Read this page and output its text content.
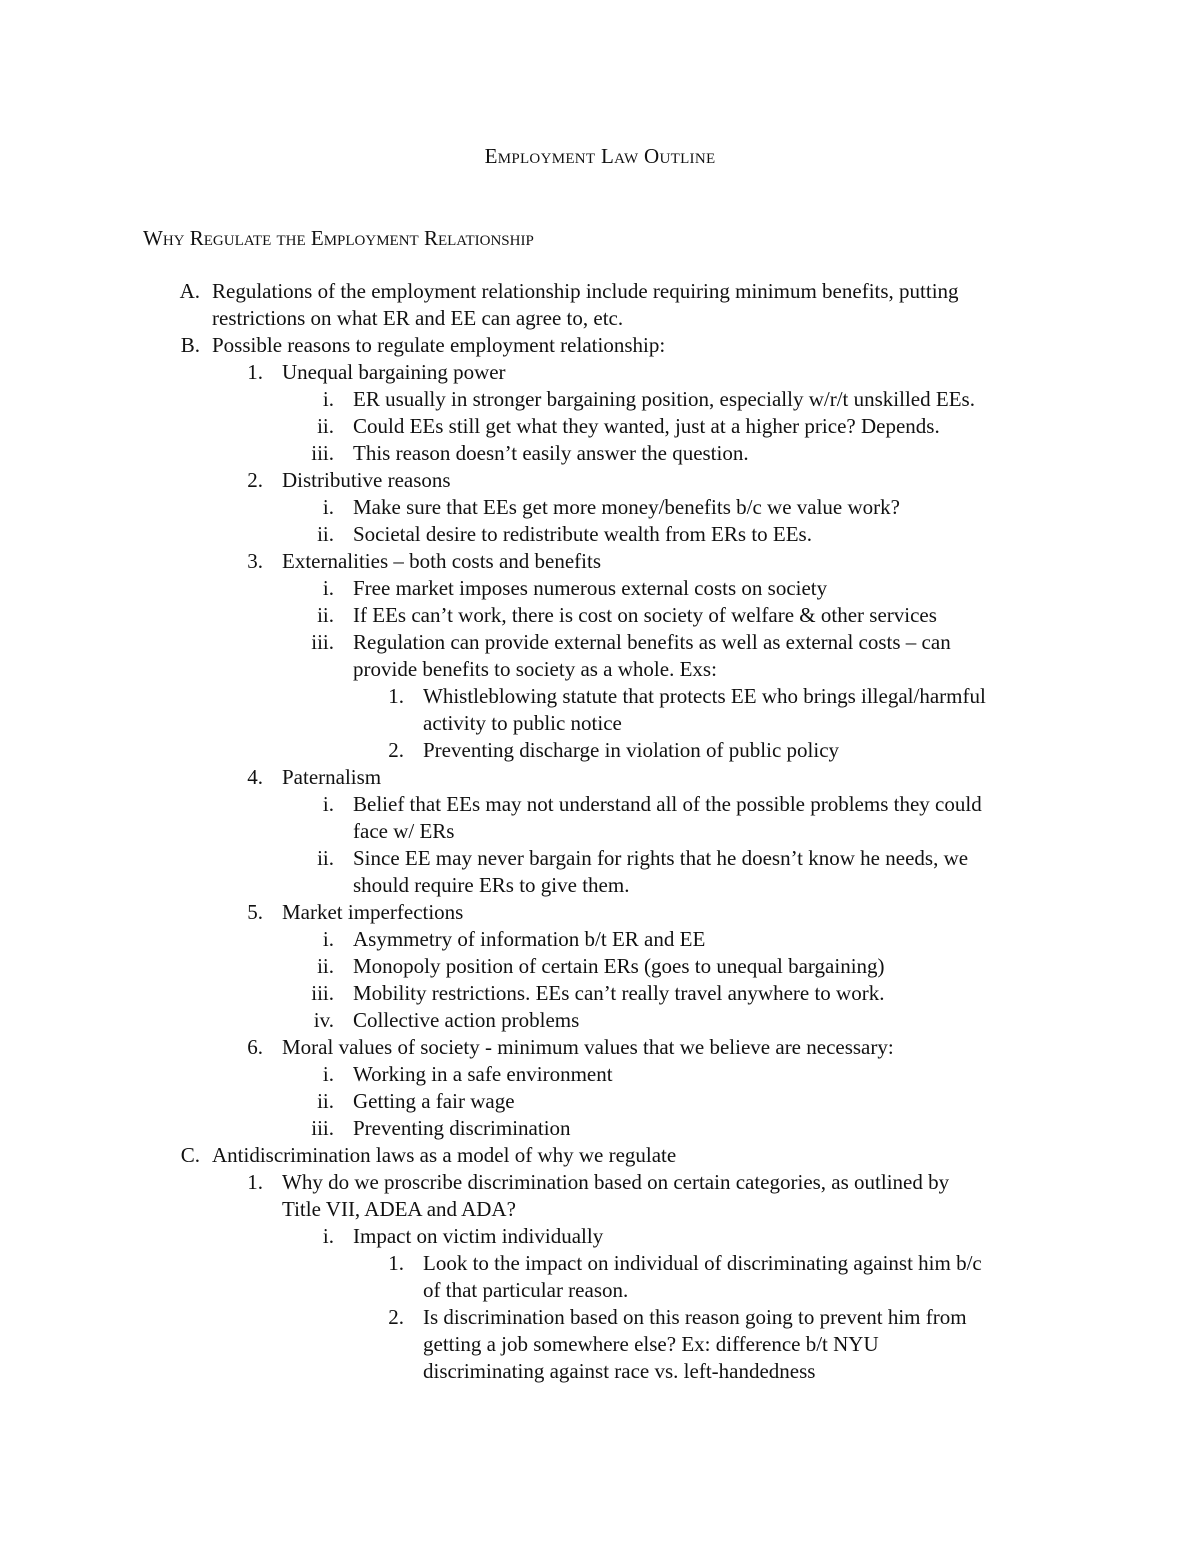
Employment Law Outline
Why Regulate the Employment Relationship
A. Regulations of the employment relationship include requiring minimum benefits, putting
restrictions on what ER and EE can agree to, etc.
B. Possible reasons to regulate employment relationship:
1. Unequal bargaining power
i. ER usually in stronger bargaining position, especially w/r/t unskilled EEs.
ii. Could EEs still get what they wanted, just at a higher price? Depends.
iii. This reason doesn’t easily answer the question.
2. Distributive reasons
i. Make sure that EEs get more money/benefits b/c we value work?
ii. Societal desire to redistribute wealth from ERs to EEs.
3. Externalities – both costs and benefits
i. Free market imposes numerous external costs on society
ii. If EEs can’t work, there is cost on society of welfare & other services
iii. Regulation can provide external benefits as well as external costs – can
provide benefits to society as a whole. Exs:
1. Whistleblowing statute that protects EE who brings illegal/harmful
activity to public notice
2. Preventing discharge in violation of public policy
4. Paternalism
i. Belief that EEs may not understand all of the possible problems they could
face w/ ERs
ii. Since EE may never bargain for rights that he doesn’t know he needs, we
should require ERs to give them.
5. Market imperfections
i. Asymmetry of information b/t ER and EE
ii. Monopoly position of certain ERs (goes to unequal bargaining)
iii. Mobility restrictions. EEs can’t really travel anywhere to work.
iv. Collective action problems
6. Moral values of society - minimum values that we believe are necessary:
i. Working in a safe environment
ii. Getting a fair wage
iii. Preventing discrimination
C. Antidiscrimination laws as a model of why we regulate
1. Why do we proscribe discrimination based on certain categories, as outlined by
Title VII, ADEA and ADA?
i. Impact on victim individually
1. Look to the impact on individual of discriminating against him b/c
of that particular reason.
2. Is discrimination based on this reason going to prevent him from
getting a job somewhere else? Ex: difference b/t NYU
discriminating against race vs. left-handedness
